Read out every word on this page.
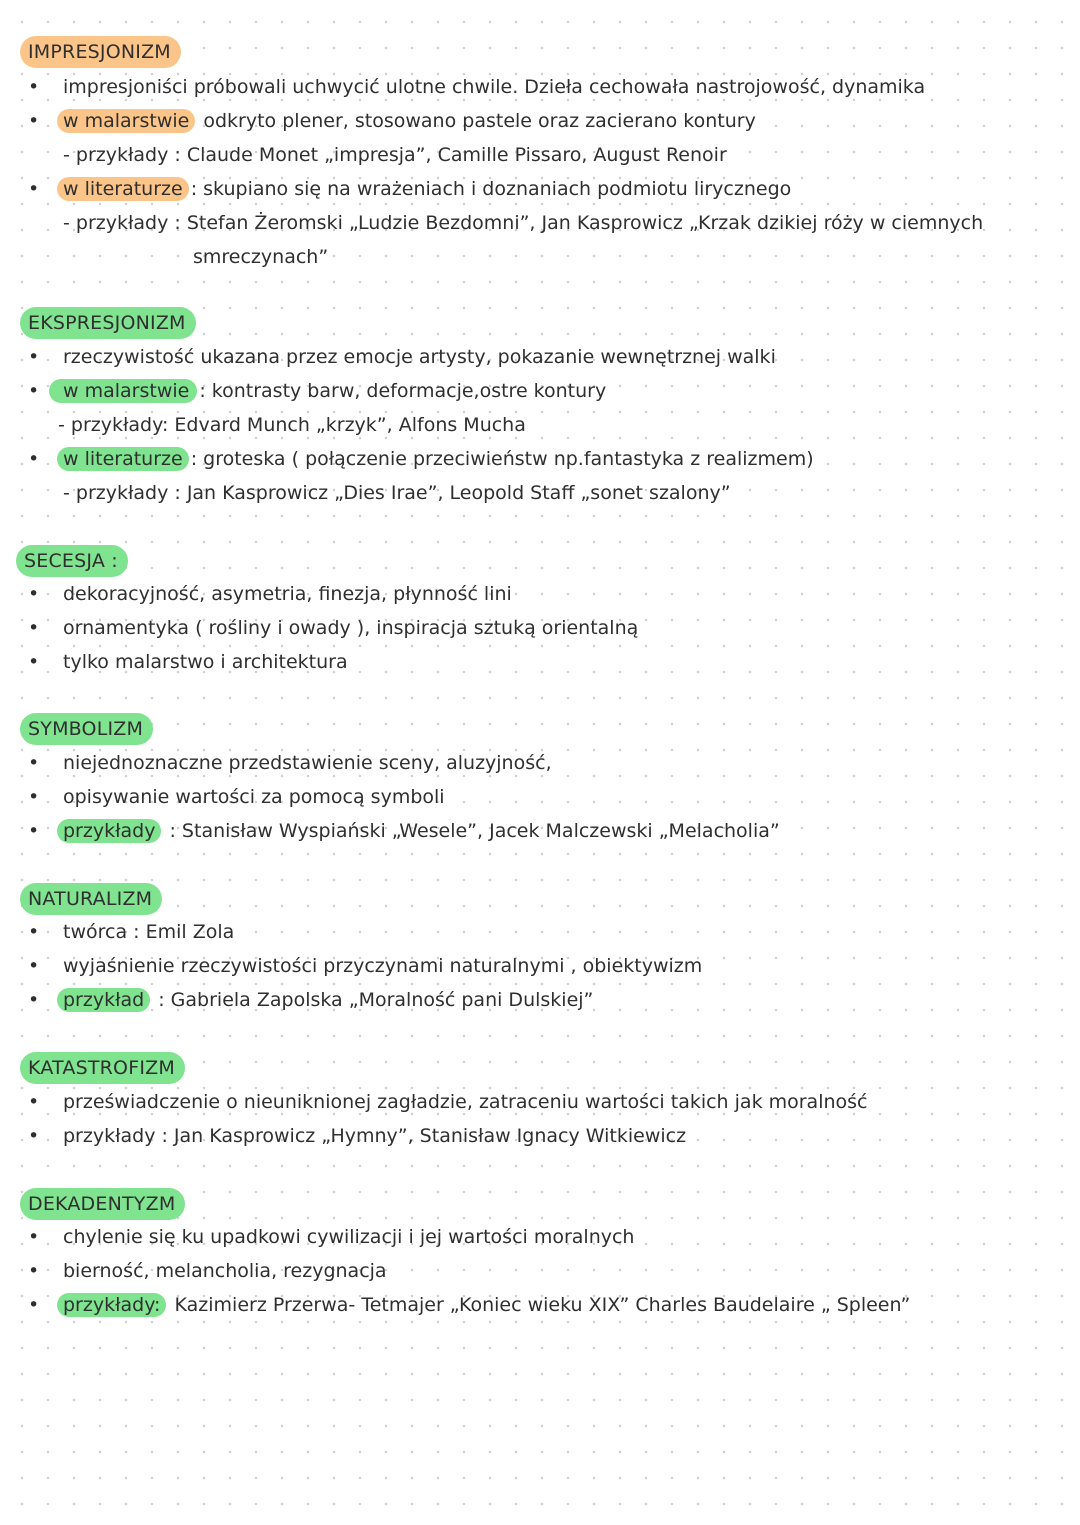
IMPRESJONIZM
• impresjoniści próbowali uchwycić ulotne chwile. Dzieła cechowała nastrojowość, dynamika
• w malarstwie odkryto plener, stosowano pastele oraz zacierano kontury
- przykłady : Claude Monet „impresja”, Camille Pissaro, August Renoir
• w literaturze : skupiano się na wrażeniach i doznaniach podmiotu lirycznego
- przykłady : Stefan Żeromski „Ludzie Bezdomni”, Jan Kasprowicz „Krzak dzikiej róży w ciemnych
smreczynach”
EKSPRESJONIZM
• rzeczywistość ukazana przez emocje artysty, pokazanie wewnętrznej walki
•	w malarstwie : kontrasty barw, deformacje,ostre kontury
- przykłady: Edvard Munch „krzyk”, Alfons Mucha
• w literaturze : groteska ( połączenie przeciwieństw np.fantastyka z realizmem)
- przykłady : Jan Kasprowicz „Dies Irae”, Leopold Staff „sonet szalony”
SECESJA :
• dekoracyjność, asymetria, finezja, płynność lini
• ornamentyka ( rośliny i owady ), inspiracja sztuką orientalną
• tylko malarstwo i architektura
SYMBOLIZM
• niejednoznaczne przedstawienie sceny, aluzyjność,
• opisywanie wartości za pomocą symboli
• przykłady : Stanisław Wyspiański „Wesele”, Jacek Malczewski „Melacholia”
NATURALIZM
• twórca : Emil Zola
• wyjaśnienie rzeczywistości przyczynami naturalnymi , obiektywizm
• przykład : Gabriela Zapolska „Moralność pani Dulskiej”
KATASTROFIZM
• przeświadczenie o nieuniknionej zagładzie, zatraceniu wartości takich jak moralność
• przykłady : Jan Kasprowicz „Hymny”, Stanisław Ignacy Witkiewicz
DEKADENTYZM
• chylenie się ku upadkowi cywilizacji i jej wartości moralnych
• bierność, melancholia, rezygnacja
• przykłady: Kazimierz Przerwa- Tetmajer „Koniec wieku XIX” Charles Baudelaire „ Spleen”
